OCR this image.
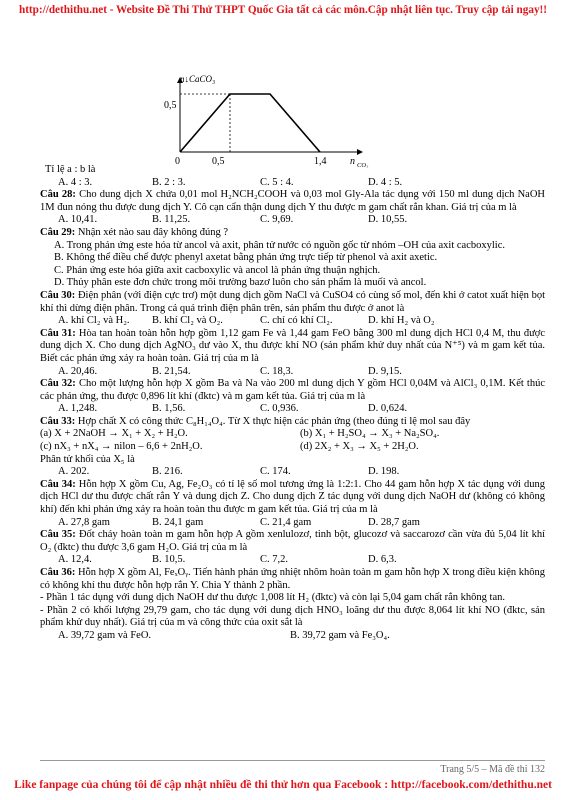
http://dethithu.net - Website Đề Thi Thử THPT Quốc Gia tất cả các môn.Cập nhật liên tục. Truy cập tải ngay!!
n↓CaCO₃
0,5
0	0,5	1,4 n CO₂

Tỉ lệ a : b là

A. 4 : 3.	B. 2 : 3.	C. 5 : 4.	D. 4 : 5.

Câu 28: Cho dung dịch X chứa 0,01 mol H₂NCH₂COOH và 0,03 mol Gly-Ala tác dụng với 150 ml dung dịch NaOH 1M đun nóng thu được dung dịch Y. Cô cạn cẩn thận dung dịch Y thu được m gam chất rắn khan. Giá trị của m là

A. 10,41.	B. 11,25.	C. 9,69.	D. 10,55.

Câu 29: Nhận xét nào sau đây không đúng ?

A. Trong phản ứng este hóa từ ancol và axit, phân tử nước có nguồn gốc từ nhóm –OH của axit cacboxylic.

B. Không thể điều chế được phenyl axetat bằng phản ứng trực tiếp từ phenol và axit axetic.

C. Phản ứng este hóa giữa axit cacboxylic và ancol là phản ứng thuận nghịch.

D. Thủy phân este đơn chức trong môi trường bazơ luôn cho sản phẩm là muối và ancol.

Câu 30: Điện phân (với điện cực trơ) một dung dịch gồm NaCl và CuSO4 có cùng số mol, đến khi ở catot xuất hiện bọt khí thì dừng điện phân. Trong cả quá trình điện phân trên, sản phẩm thu được ở anot là

A. khí Cl₂ và H₂.	B. khí Cl₂ và O₂.	C. chỉ có khí Cl₂.	D. khí H₂ và O₂

Câu 31: Hòa tan hoàn toàn hỗn hợp gồm 1,12 gam Fe và 1,44 gam FeO bằng 300 ml dung dịch HCl 0,4 M, thu được dung dịch X. Cho dung dịch AgNO₃ dư vào X, thu được khí NO (sản phẩm khử duy nhất của N⁺⁵) và m gam kết tủa. Biết các phản ứng xảy ra hoàn toàn. Giá trị của m là

A. 20,46.	B. 21,54.	C. 18,3.	D. 9,15.

Câu 32: Cho một lượng hỗn hợp X gồm Ba và Na vào 200 ml dung dịch Y gồm HCl 0,04M và AlCl₃ 0,1M. Kết thúc các phản ứng, thu được 0,896 lít khí (đktc) và m gam kết tủa. Giá trị của m là

A. 1,248.	B. 1,56.	C. 0,936.	D. 0,624.

Câu 33: Hợp chất X có công thức C₈H₁₄O₄. Từ X thực hiện các phản ứng (theo đúng tỉ lệ mol sau đây

(a) X + 2NaOH → X₁ + X₂ + H₂O.	(b) X₁ + H₂SO₄ → X₃ + Na₂SO₄.
(c) nX₃ + nX₄ → nilon – 6,6 + 2nH₂O.	(d) 2X₂ + X₃ → X₅ + 2H₂O.

Phân tử khối của X₅ là

A. 202.	B. 216.	C. 174.	D. 198.

Câu 34: Hỗn hợp X gồm Cu, Ag, Fe₂O₃ có tỉ lệ số mol tương ứng là 1:2:1. Cho 44 gam hỗn hợp X tác dụng với dung dịch HCl dư thu được chất rắn Y và dung dịch Z. Cho dung dịch Z tác dụng với dung dịch NaOH dư (không có không khí) đến khi phản ứng xảy ra hoàn toàn thu được m gam kết tủa. Giá trị của m là

A. 27,8 gam	B. 24,1 gam	C. 21,4 gam	D. 28,7 gam

Câu 35: Đốt cháy hoàn toàn m gam hỗn hợp A gồm xenlulozơ, tinh bột, glucozơ và saccarozơ cần vừa đủ 5,04 lít khí O₂ (đktc) thu được 3,6 gam H₂O. Giá trị của m là

A. 12,4.	B. 10,5.	C. 7,2.	D. 6,3.

Câu 36: Hỗn hợp X gồm Al, FeₓOᵧ. Tiến hành phản ứng nhiệt nhôm hoàn toàn m gam hỗn hợp X trong điều kiện không có không khí thu được hỗn hợp rắn Y. Chia Y thành 2 phần.

- Phần 1 tác dụng với dung dịch NaOH dư thu được 1,008 lít H₂ (đktc) và còn lại 5,04 gam chất rắn không tan.

- Phần 2 có khối lượng 29,79 gam, cho tác dụng với dung dịch HNO₃ loãng dư thu được 8,064 lít khí NO (đktc, sản phẩm khử duy nhất). Giá trị của m và công thức của oxit sắt là

A. 39,72 gam và FeO.	B. 39,72 gam và Fe₃O₄.
Trang 5/5 – Mã đề thi 132
Like fanpage của chúng tôi để cập nhật nhiều đề thi thử hơn qua Facebook : http://facebook.com/dethithu.net
